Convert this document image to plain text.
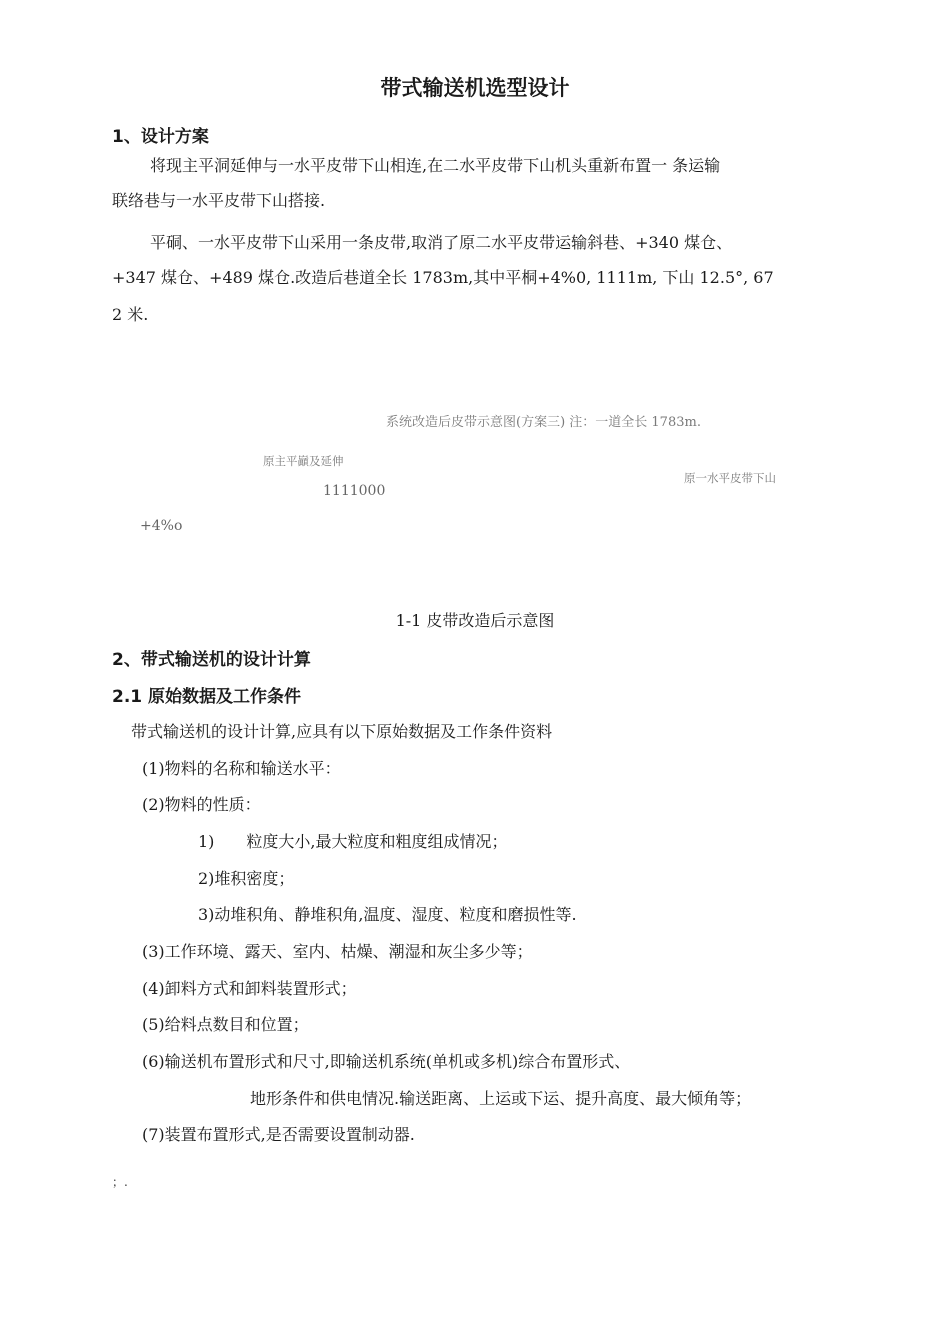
带式输送机选型设计
1、设计方案
将现主平洞延伸与一水平皮带下山相连,在二水平皮带下山机头重新布置一 条运输
联络巷与一水平皮带下山搭接.
平硐、一水平皮带下山采用一条皮带,取消了原二水平皮带运输斜巷、+340 煤仓、
+347 煤仓、+489 煤仓.改造后巷道全长 1783m,其中平桐+4%0, 1111m, 下山 12.5°, 67
2 米.
系统改造后皮带示意图(方案三) 注：一道全长 1783m.
原主平巓及延伸
原一水平皮带下山
1111000
+4%o
1-1 皮带改造后示意图
2、带式输送机的设计计算
2.1 原始数据及工作条件
带式输送机的设计计算,应具有以下原始数据及工作条件资料
(1)物料的名称和输送水平：
(2)物料的性质：
1)　　粒度大小,最大粒度和粗度组成情况；
2)堆积密度；
3)动堆积角、静堆积角,温度、湿度、粒度和磨损性等.
(3)工作环境、露天、室内、枯燥、潮湿和灰尘多少等；
(4)卸料方式和卸料装置形式；
(5)给料点数目和位置；
(6)输送机布置形式和尺寸,即输送机系统(单机或多机)综合布置形式、
地形条件和供电情况.输送距离、上运或下运、提升高度、最大倾角等；
(7)装置布置形式,是否需要设置制动器.
；.
